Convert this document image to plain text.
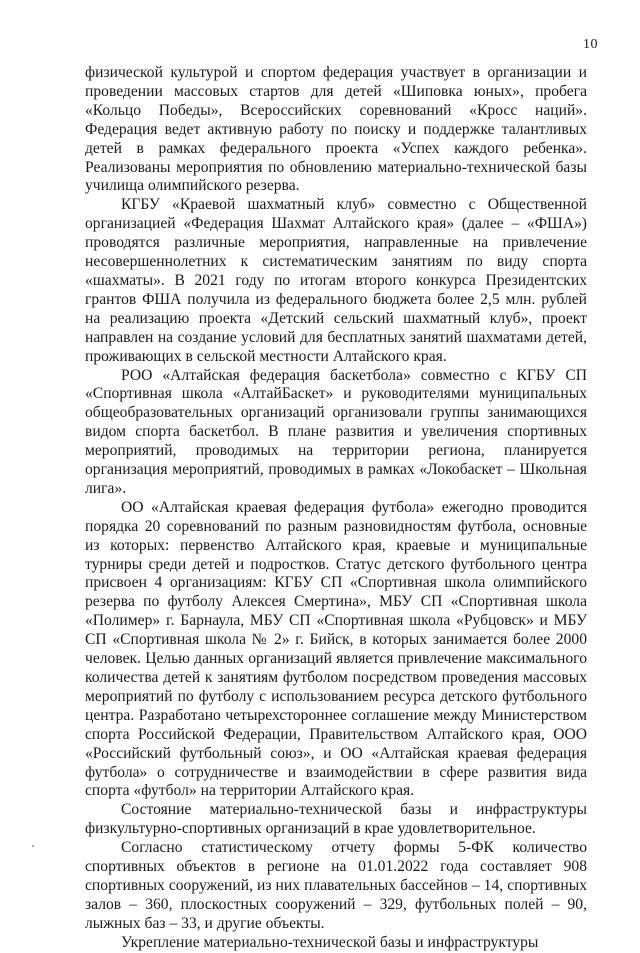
10

физической культурой и спортом федерация участвует в организации и проведении массовых стартов для детей «Шиповка юных», пробега «Кольцо Победы», Всероссийских соревнований «Кросс наций». Федерация ведет активную работу по поиску и поддержке талантливых детей в рамках федерального проекта «Успех каждого ребенка». Реализованы мероприятия по обновлению материально-технической базы училища олимпийского резерва.

КГБУ «Краевой шахматный клуб» совместно с Общественной организацией «Федерация Шахмат Алтайского края» (далее – «ФША») проводятся различные мероприятия, направленные на привлечение несовершеннолетних к систематическим занятиям по виду спорта «шахматы». В 2021 году по итогам второго конкурса Президентских грантов ФША получила из федерального бюджета более 2,5 млн. рублей на реализацию проекта «Детский сельский шахматный клуб», проект направлен на создание условий для бесплатных занятий шахматами детей, проживающих в сельской местности Алтайского края.

РОО «Алтайская федерация баскетбола» совместно с КГБУ СП «Спортивная школа «АлтайБаскет» и руководителями муниципальных общеобразовательных организаций организовали группы занимающихся видом спорта баскетбол. В плане развития и увеличения спортивных мероприятий, проводимых на территории региона, планируется организация мероприятий, проводимых в рамках «Локобаскет – Школьная лига».

ОО «Алтайская краевая федерация футбола» ежегодно проводится порядка 20 соревнований по разным разновидностям футбола, основные из которых: первенство Алтайского края, краевые и муниципальные турниры среди детей и подростков. Статус детского футбольного центра присвоен 4 организациям: КГБУ СП «Спортивная школа олимпийского резерва по футболу Алексея Смертина», МБУ СП «Спортивная школа «Полимер» г. Барнаула, МБУ СП «Спортивная школа «Рубцовск» и МБУ СП «Спортивная школа № 2» г. Бийск, в которых занимается более 2000 человек. Целью данных организаций является привлечение максимального количества детей к занятиям футболом посредством проведения массовых мероприятий по футболу с использованием ресурса детского футбольного центра. Разработано четырехстороннее соглашение между Министерством спорта Российской Федерации, Правительством Алтайского края, ООО «Российский футбольный союз», и ОО «Алтайская краевая федерация футбола» о сотрудничестве и взаимодействии в сфере развития вида спорта «футбол» на территории Алтайского края.

Состояние материально-технической базы и инфраструктуры физкультурно-спортивных организаций в крае удовлетворительное.

Согласно статистическому отчету формы 5-ФК количество спортивных объектов в регионе на 01.01.2022 года составляет 908 спортивных сооружений, из них плавательных бассейнов – 14, спортивных залов – 360, плоскостных сооружений – 329, футбольных полей – 90, лыжных баз – 33, и другие объекты.

Укрепление материально-технической базы и инфраструктуры
